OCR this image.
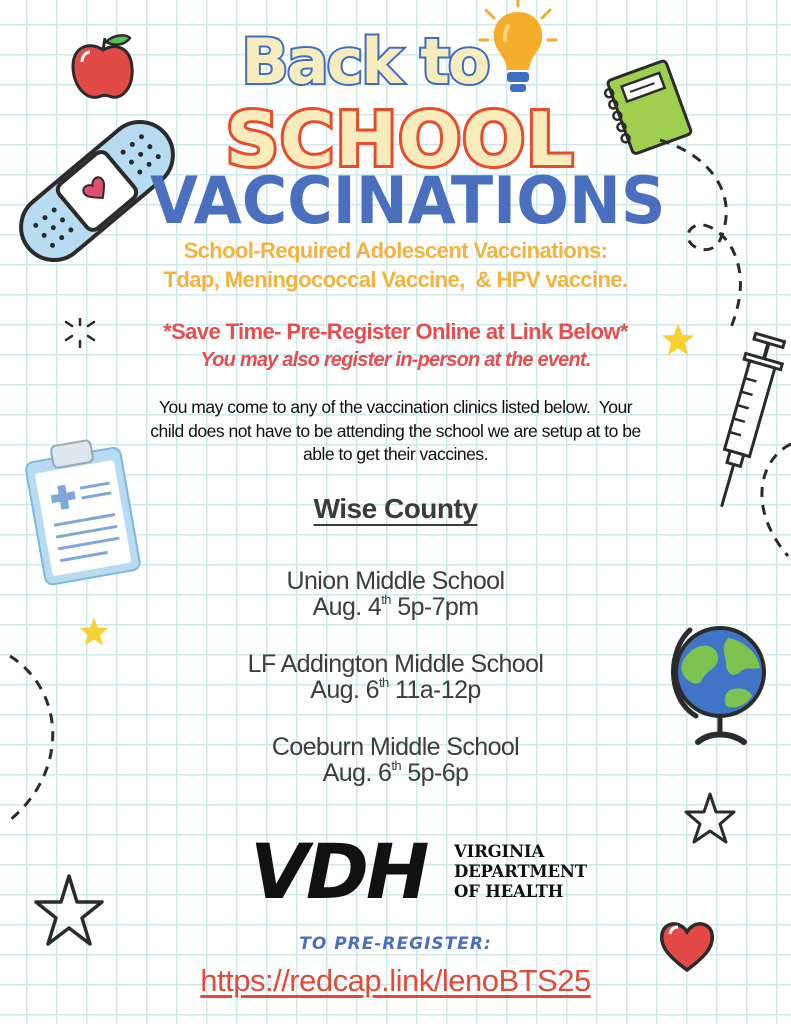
Back to
SCHOOL
VACCINATIONS
School-Required Adolescent Vaccinations:
Tdap, Meningococcal Vaccine,  & HPV vaccine.
*Save Time- Pre-Register Online at Link Below*
You may also register in-person at the event.
You may come to any of the vaccination clinics listed below.  Your
child does not have to be attending the school we are setup at to be
able to get their vaccines.
Wise County
Union Middle School
Aug. 4th 5p-7pm
LF Addington Middle School
Aug. 6th 11a-12p
Coeburn Middle School
Aug. 6th 5p-6p
VDH VIRGINIA
DEPARTMENT
OF HEALTH
TO PRE-REGISTER:
https://redcap.link/lenoBTS25
